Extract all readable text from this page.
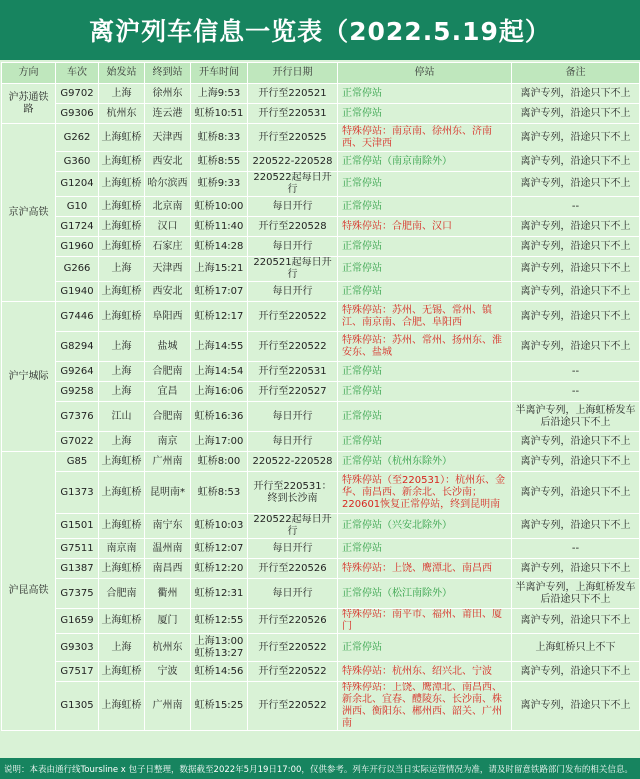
离沪列车信息一览表（2022.5.19起）
方向	车次	始发站	终到站	开车时间	开行日期	停站	备注
沪苏通铁路	G9702	上海	徐州东	上海9:53	开行至220521	正常停站	离沪专列，沿途只下不上

	G9306	杭州东	连云港	虹桥10:51	开行至220531	正常停站	离沪专列，沿途只下不上

京沪高铁	G262	上海虹桥	天津西	虹桥8:33	开行至220525	特殊停站：南京南、徐州东、济南西、天津西	离沪专列，沿途只下不上

	G360	上海虹桥	西安北	虹桥8:55	220522-220528	正常停站（南京南除外）	离沪专列，沿途只下不上

	G1204	上海虹桥	哈尔滨西	虹桥9:33	220522起每日开行	正常停站	离沪专列，沿途只下不上

	G10	上海虹桥	北京南	虹桥10:00	每日开行	正常停站	--

	G1724	上海虹桥	汉口	虹桥11:40	开行至220528	特殊停站：合肥南、汉口	离沪专列，沿途只下不上

	G1960	上海虹桥	石家庄	虹桥14:28	每日开行	正常停站	离沪专列，沿途只下不上

	G266	上海	天津西	上海15:21	220521起每日开行	正常停站	离沪专列，沿途只下不上

	G1940	上海虹桥	西安北	虹桥17:07	每日开行	正常停站	离沪专列，沿途只下不上

沪宁城际	G7446	上海虹桥	阜阳西	虹桥12:17	开行至220522	特殊停站：苏州、无锡、常州、镇江、南京南、合肥、阜阳西	离沪专列，沿途只下不上

	G8294	上海	盐城	上海14:55	开行至220522	特殊停站：苏州、常州、扬州东、淮安东、盐城	离沪专列，沿途只下不上

	G9264	上海	合肥南	上海14:54	开行至220531	正常停站	--

	G9258	上海	宜昌	上海16:06	开行至220527	正常停站	--

	G7376	江山	合肥南	虹桥16:36	每日开行	正常停站	半离沪专列，上海虹桥发车
后沿途只下不上

	G7022	上海	南京	上海17:00	每日开行	正常停站	离沪专列，沿途只下不上

沪昆高铁	G85	上海虹桥	广州南	虹桥8:00	220522-220528	正常停站（杭州东除外）	离沪专列，沿途只下不上

	G1373	上海虹桥	昆明南*	虹桥8:53	开行至220531：终到长沙南	特殊停站（至220531）：杭州东、金华、南昌西、新余北、长沙南；220601恢复正常停站，终到昆明南	离沪专列，沿途只下不上

	G1501	上海虹桥	南宁东	虹桥10:03	220522起每日开行	正常停站（兴安北除外）	离沪专列，沿途只下不上

	G7511	南京南	温州南	虹桥12:07	每日开行	正常停站	--

	G1387	上海虹桥	南昌西	虹桥12:20	开行至220526	特殊停站：上饶、鹰潭北、南昌西	离沪专列，沿途只下不上

	G7375	合肥南	衢州	虹桥12:31	每日开行	正常停站（松江南除外）	半离沪专列，上海虹桥发车
后沿途只下不上

	G1659	上海虹桥	厦门	虹桥12:55	开行至220526	特殊停站：南平市、福州、莆田、厦门	离沪专列，沿途只下不上

	G9303	上海	杭州东	上海13:00 虹桥13:27	开行至220522	正常停站	上海虹桥只上不下

	G7517	上海虹桥	宁波	虹桥14:56	开行至220522	特殊停站：杭州东、绍兴北、宁波	离沪专列，沿途只下不上

	G1305	上海虹桥	广州南	虹桥15:25	开行至220522	特殊停站：上饶、鹰潭北、南昌西、新余北、宜春、醴陵东、长沙南、株洲西、衡阳东、郴州西、韶关、广州南	离沪专列，沿途只下不上
说明：本表由通行线Toursline x 包子日整理，数据截至2022年5月19日17:00，仅供参考。列车开行以当日实际运营情况为准，请及时留意铁路部门发布的相关信息。
